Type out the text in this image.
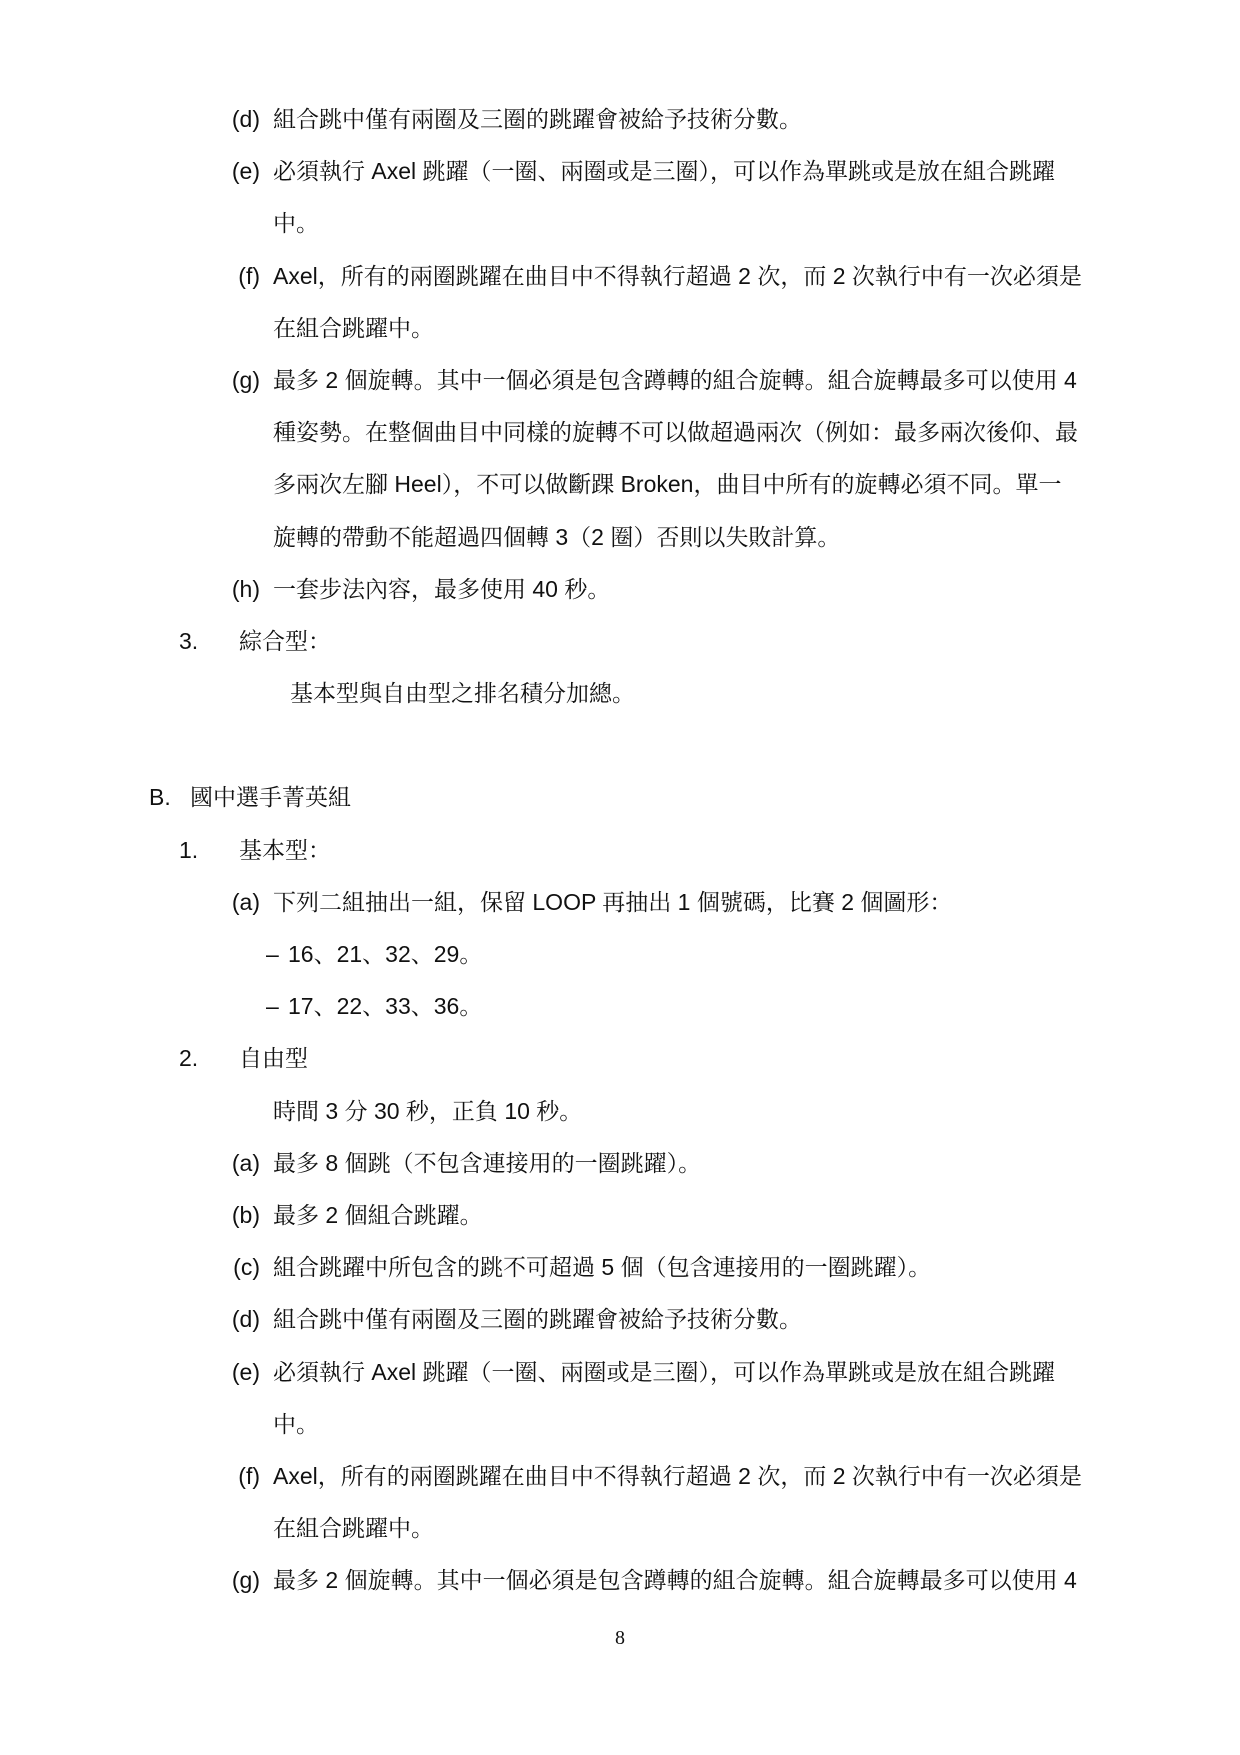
(d) 組合跳中僅有兩圈及三圈的跳躍會被給予技術分數。
(e) 必須執行 Axel 跳躍（一圈、兩圈或是三圈），可以作為單跳或是放在組合跳躍
中。
(f) Axel，所有的兩圈跳躍在曲目中不得執行超過 2 次，而 2 次執行中有一次必須是
在組合跳躍中。
(g) 最多 2 個旋轉。其中一個必須是包含蹲轉的組合旋轉。組合旋轉最多可以使用 4
種姿勢。在整個曲目中同樣的旋轉不可以做超過兩次（例如：最多兩次後仰、最
多兩次左腳 Heel），不可以做斷踝 Broken，曲目中所有的旋轉必須不同。單一
旋轉的帶動不能超過四個轉 3（2 圈）否則以失敗計算。
(h) 一套步法內容，最多使用 40 秒。
3. 綜合型：
基本型與自由型之排名積分加總。
B. 國中選手菁英組
1. 基本型：
(a) 下列二組抽出一組，保留 LOOP 再抽出 1 個號碼，比賽 2 個圖形：
– 16、21、32、29。
– 17、22、33、36。
2. 自由型
時間 3 分 30 秒，正負 10 秒。
(a) 最多 8 個跳（不包含連接用的一圈跳躍）。
(b) 最多 2 個組合跳躍。
(c) 組合跳躍中所包含的跳不可超過 5 個（包含連接用的一圈跳躍）。
(d) 組合跳中僅有兩圈及三圈的跳躍會被給予技術分數。
(e) 必須執行 Axel 跳躍（一圈、兩圈或是三圈），可以作為單跳或是放在組合跳躍
中。
(f) Axel，所有的兩圈跳躍在曲目中不得執行超過 2 次，而 2 次執行中有一次必須是
在組合跳躍中。
(g) 最多 2 個旋轉。其中一個必須是包含蹲轉的組合旋轉。組合旋轉最多可以使用 4
8
